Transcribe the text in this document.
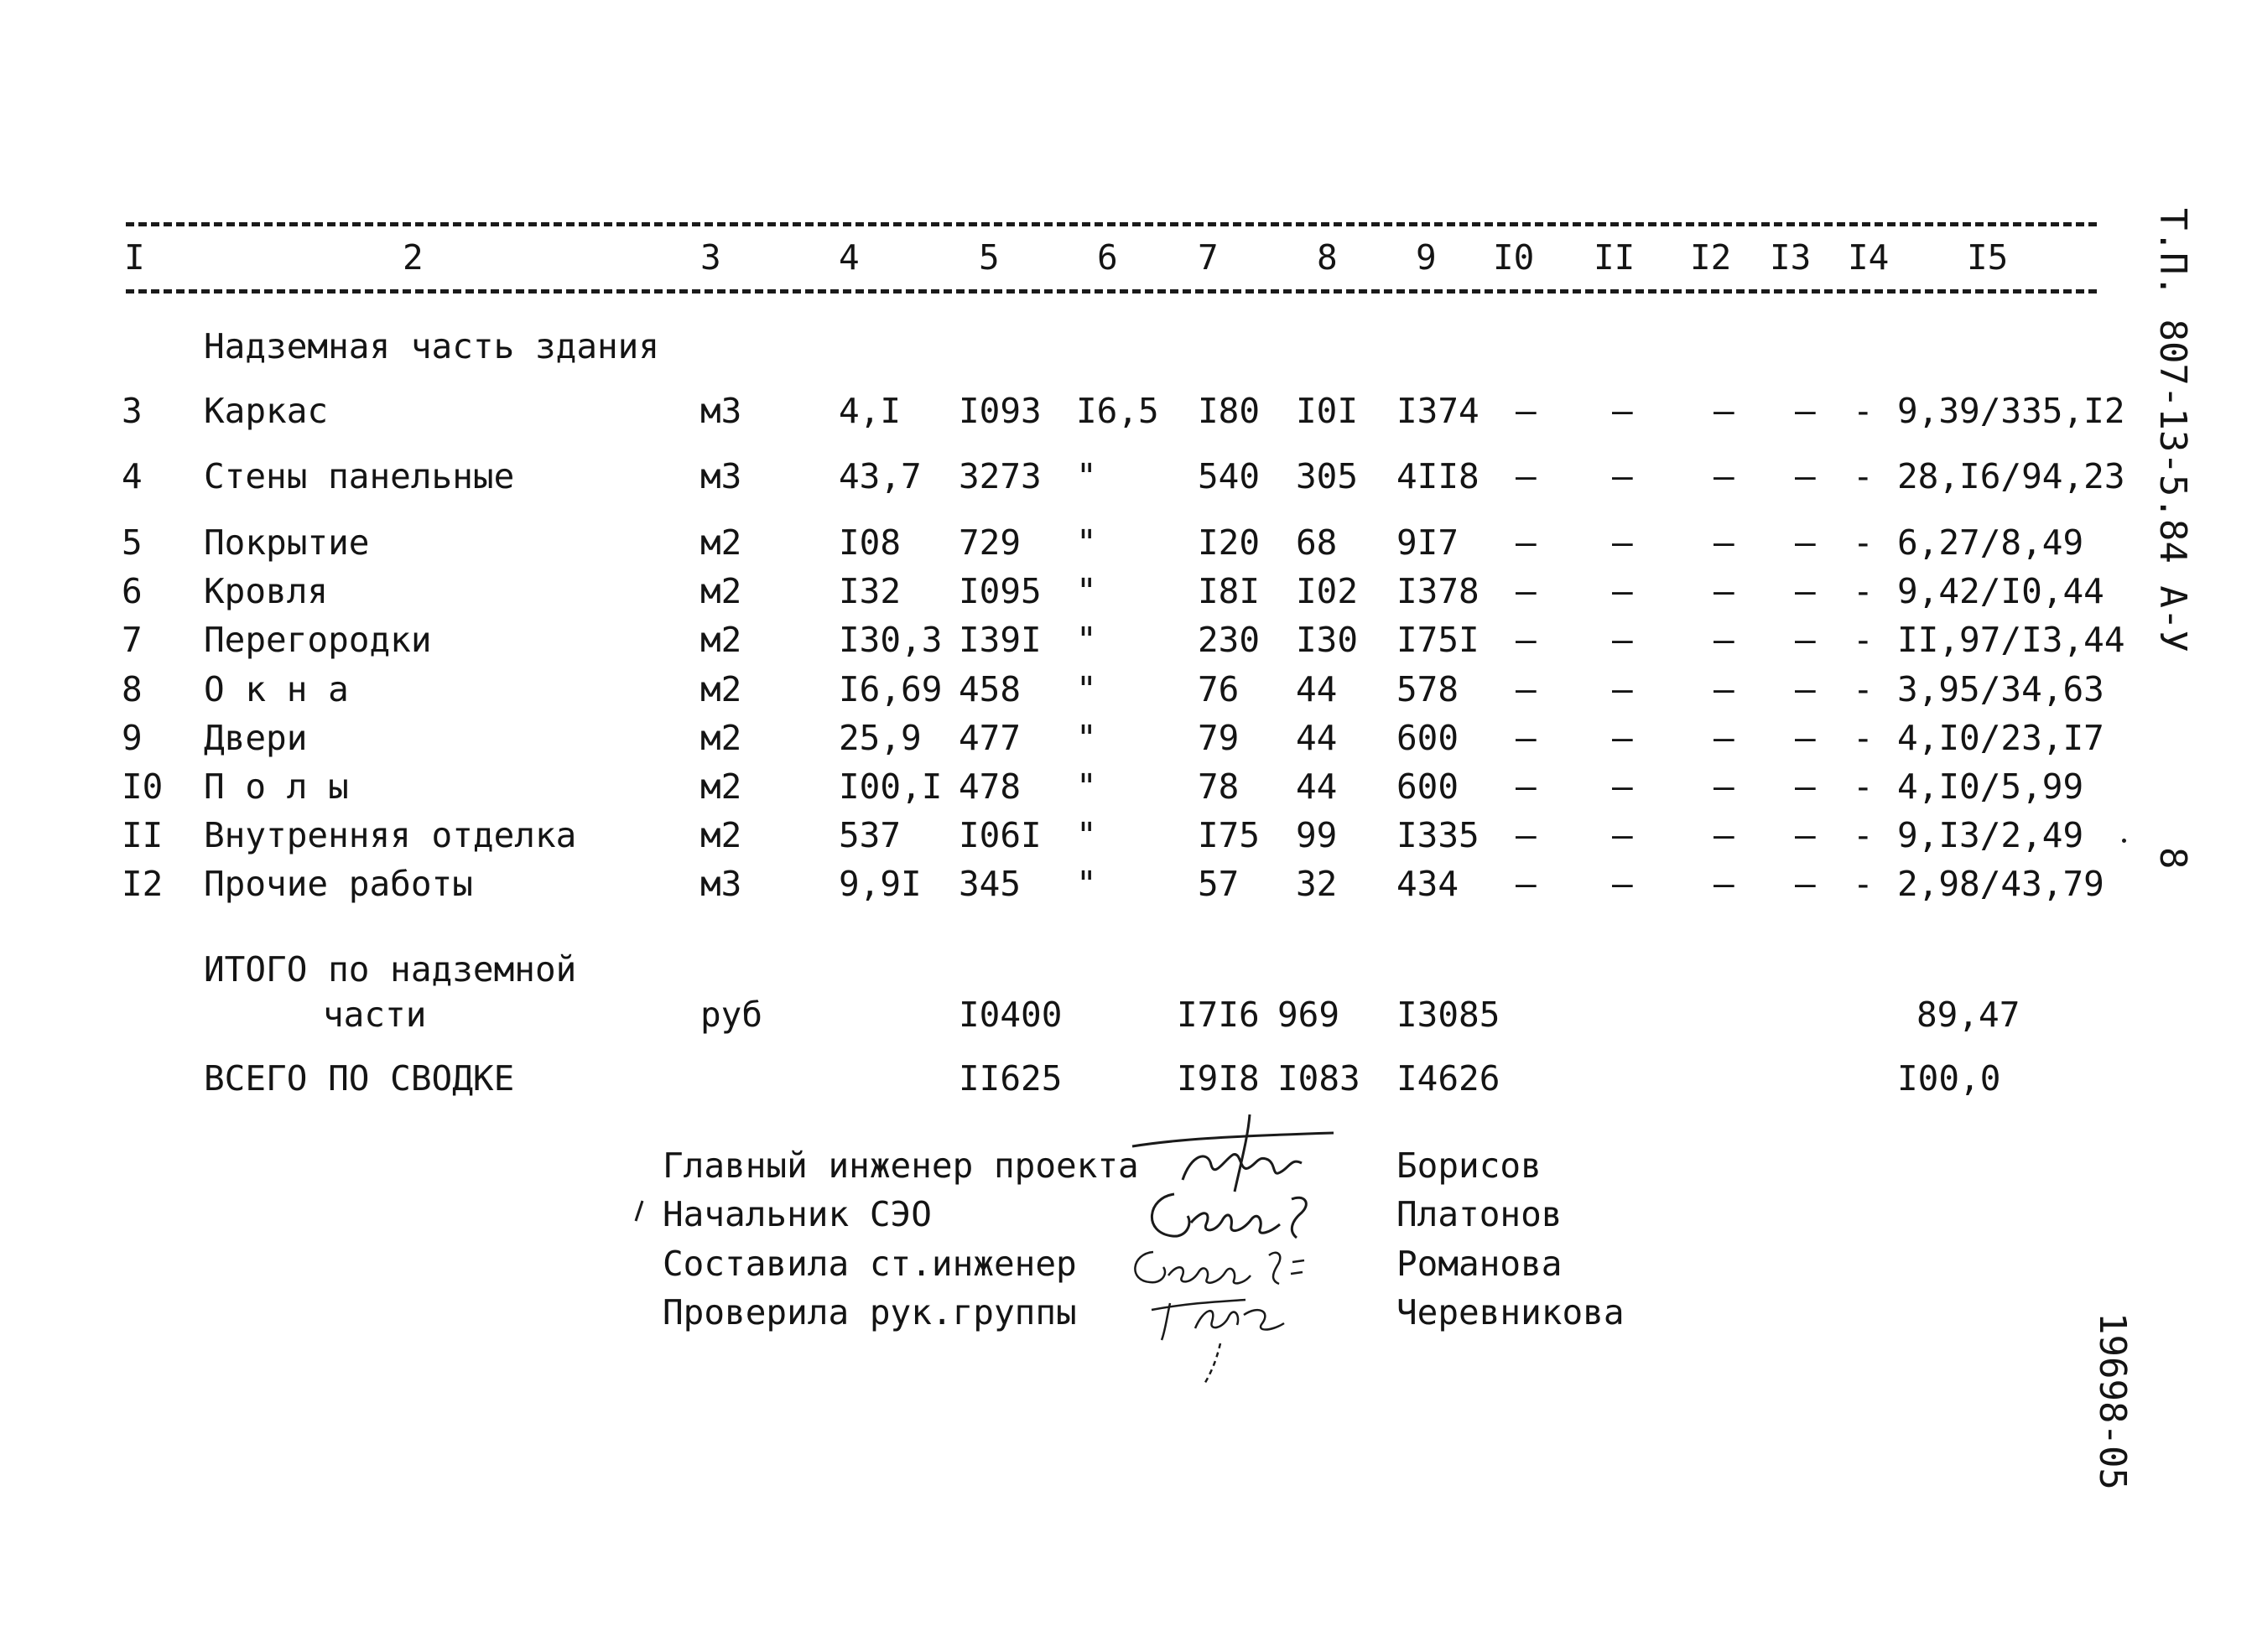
I	2	3	4	5	6 7	8 9 I0 II I2 I3 I4 I5
Надземная часть здания
3 Каркас	м3	4,I I093 I6,5 I80 I0I I374 – – – – - 9,39/335,I2
4 Стены панельные	м3	43,7 3273 "	540 305 4II8 – – – – - 28,I6/94,23
5 Покрытие	м2	I08 729 "	I20 68 9I7 – – – – - 6,27/8,49
6 Кровля	м2	I32 I095 "	I8I I02 I378 – – – – - 9,42/I0,44
7 Перегородки	м2	I30,3 I39I "	230 I30 I75I – – – – - II,97/I3,44
8 О к н а	м2	I6,69 458 "	76 44 578 – – – – - 3,95/34,63
9 Двери	м2	25,9 477 "	79 44 600 – – – – - 4,I0/23,I7
I0 П о л ы	м2	I00,I 478 "	78 44 600 – – – – - 4,I0/5,99
II Внутренняя отделка	м2	537 I06I "	I75 99 I335 – – – – - 9,I3/2,49
I2 Прочие работы	м3	9,9I 345 "	57 32 434 – – – – - 2,98/43,79
ИТОГО по надземной
части	руб	I0400	I7I6 969 I3085	89,47
ВСЕГО ПО СВОДКЕ	II625	I9I8 I083 I4626	I00,0
Главный инженер проекта	Борисов
Начальник СЭО	Платонов
Составила ст.инженер	Романова
Проверила рук.группы	Черевникова
Т.П. 807-13-5.84 А-У
8
19698-05
